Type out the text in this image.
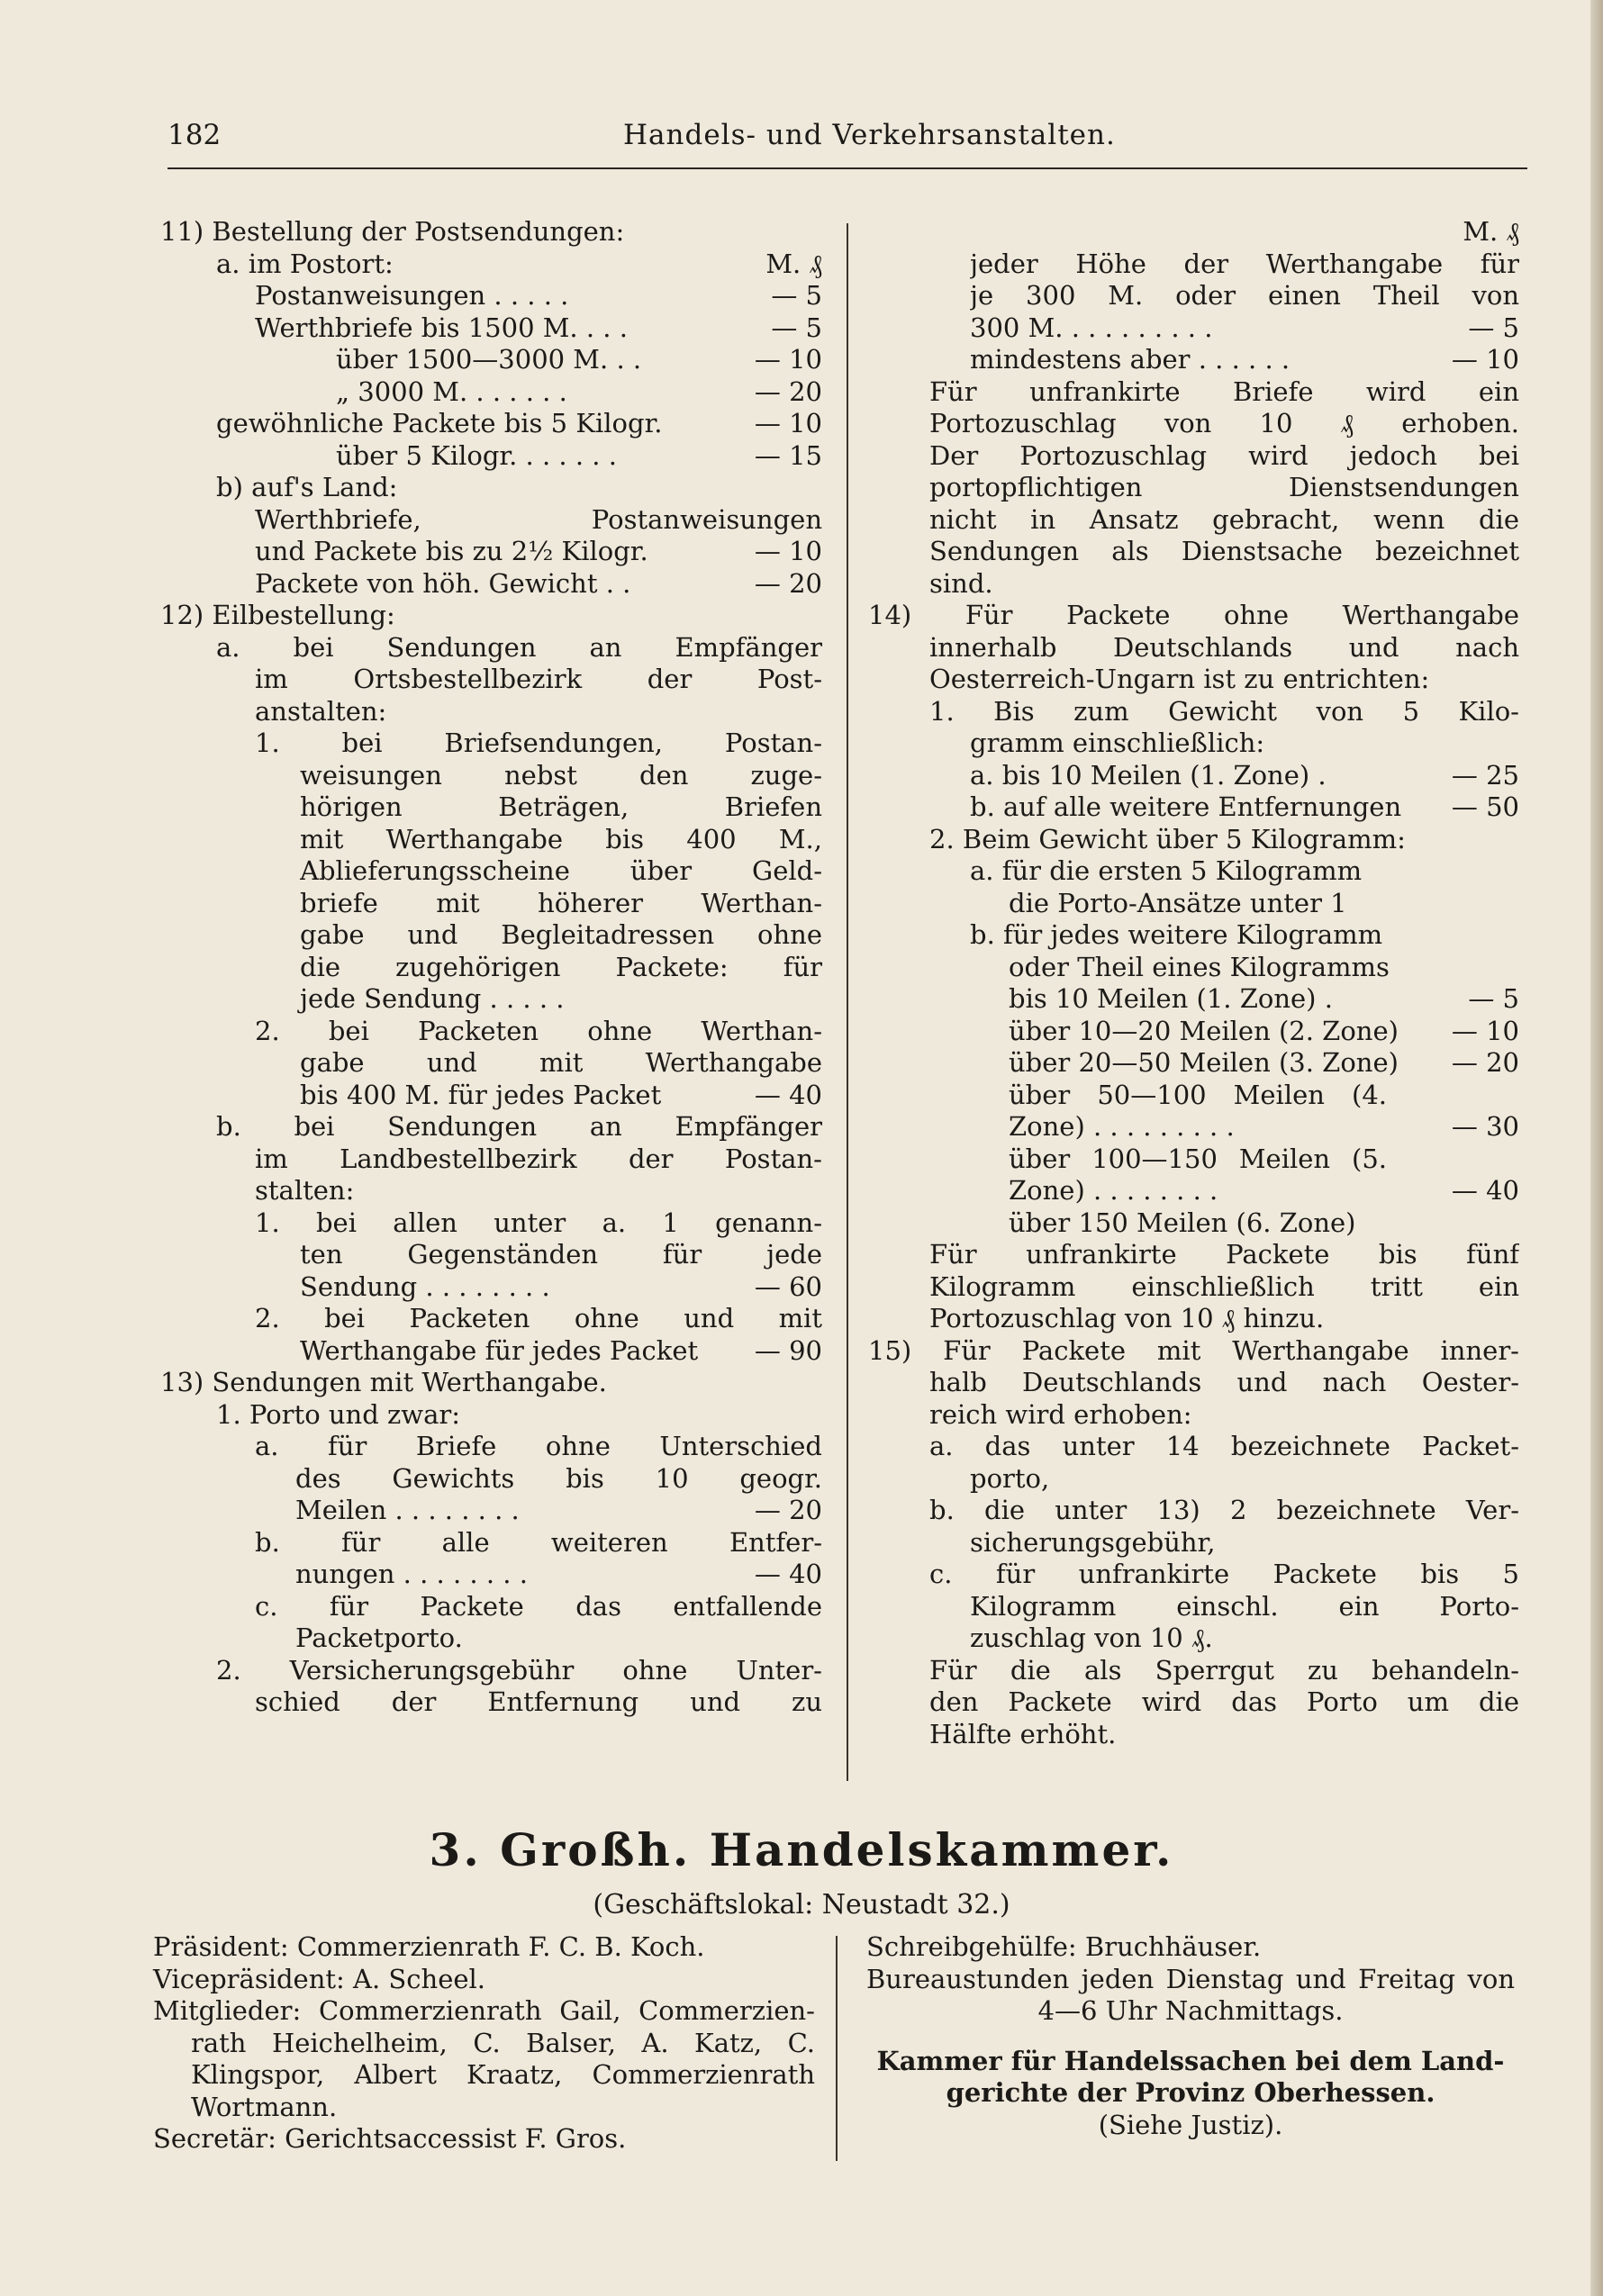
182	Handels- und Verkehrsanstalten.
11) Bestellung der Postsendungen:
a. im Postort:	M. ₰
Postanweisungen . . . . .	— 5
Werthbriefe bis 1500 M. . . .	— 5
über 1500—3000 M. . .	— 10
„ 3000 M. . . . . . .	— 20
gewöhnliche Packete bis 5 Kilogr.	— 10
über 5 Kilogr. . . . . . .	— 15
b) auf's Land:
Werthbriefe, Postanweisungen
und Packete bis zu 2½ Kilogr.	— 10
Packete von höh. Gewicht . .	— 20
12) Eilbestellung:
a. bei Sendungen an Empfänger
im Ortsbestellbezirk der Post-
anstalten:
1. bei Briefsendungen, Postan-
weisungen nebst den zuge-
hörigen Beträgen, Briefen
mit Werthangabe bis 400 M.,
Ablieferungsscheine über Geld-
briefe mit höherer Werthan-
gabe und Begleitadressen ohne
die zugehörigen Packete: für
jede Sendung . . . . .
2. bei Packeten ohne Werthan-
gabe und mit Werthangabe
bis 400 M. für jedes Packet	— 40
b. bei Sendungen an Empfänger
im Landbestellbezirk der Postan-
stalten:
1. bei allen unter a. 1 genann-
ten Gegenständen für jede
Sendung . . . . . . . .	— 60
2. bei Packeten ohne und mit
Werthangabe für jedes Packet — 90
13) Sendungen mit Werthangabe.
1. Porto und zwar:
a. für Briefe ohne Unterschied
des Gewichts bis 10 geogr.
Meilen . . . . . . . .	— 20
b. für alle weiteren Entfer-
nungen . . . . . . . .	— 40
c. für Packete das entfallende
Packetporto.
2. Versicherungsgebühr ohne Unter-
schied der Entfernung und zu
M. ₰
jeder Höhe der Werthangabe für
je 300 M. oder einen Theil von
300 M. . . . . . . . . .	— 5
mindestens aber . . . . . .	— 10
Für unfrankirte Briefe wird ein
Portozuschlag von 10 ₰ erhoben.
Der Portozuschlag wird jedoch bei
portopflichtigen Dienstsendungen
nicht in Ansatz gebracht, wenn die
Sendungen als Dienstsache bezeichnet
sind.
14) Für Packete ohne Werthangabe
innerhalb Deutschlands und nach
Oesterreich-Ungarn ist zu entrichten:
1. Bis zum Gewicht von 5 Kilo-
gramm einschließlich:
a. bis 10 Meilen (1. Zone) .	— 25
b. auf alle weitere Entfernungen — 50
2. Beim Gewicht über 5 Kilogramm:
a. für die ersten 5 Kilogramm
die Porto-Ansätze unter 1
b. für jedes weitere Kilogramm
oder Theil eines Kilogramms
bis 10 Meilen (1. Zone) .	— 5
über 10—20 Meilen (2. Zone) — 10
über 20—50 Meilen (3. Zone) — 20
über 50—100 Meilen (4.
Zone) . . . . . . . . .	— 30
über 100—150 Meilen (5.
Zone) . . . . . . . .	— 40
über 150 Meilen (6. Zone)
Für unfrankirte Packete bis fünf
Kilogramm einschließlich tritt ein
Portozuschlag von 10 ₰ hinzu.
15) Für Packete mit Werthangabe inner-
halb Deutschlands und nach Oester-
reich wird erhoben:
a. das unter 14 bezeichnete Packet-
porto,
b. die unter 13) 2 bezeichnete Ver-
sicherungsgebühr,
c. für unfrankirte Packete bis 5
Kilogramm einschl. ein Porto-
zuschlag von 10 ₰.
Für die als Sperrgut zu behandeln-
den Packete wird das Porto um die
Hälfte erhöht.
3. Großh. Handelskammer.
(Geschäftslokal: Neustadt 32.)
Präsident: Commerzienrath F. C. B. Koch.
Vicepräsident: A. Scheel.
Mitglieder: Commerzienrath Gail, Commerzien-
rath Heichelheim, C. Balser, A. Katz, C.
Klingspor, Albert Kraatz, Commerzienrath
Wortmann.
Secretär: Gerichtsaccessist F. Gros.
Schreibgehülfe: Bruchhäuser.
Bureaustunden jeden Dienstag und Freitag von
4—6 Uhr Nachmittags.
Kammer für Handelssachen bei dem Land-
gerichte der Provinz Oberhessen.
(Siehe Justiz).
